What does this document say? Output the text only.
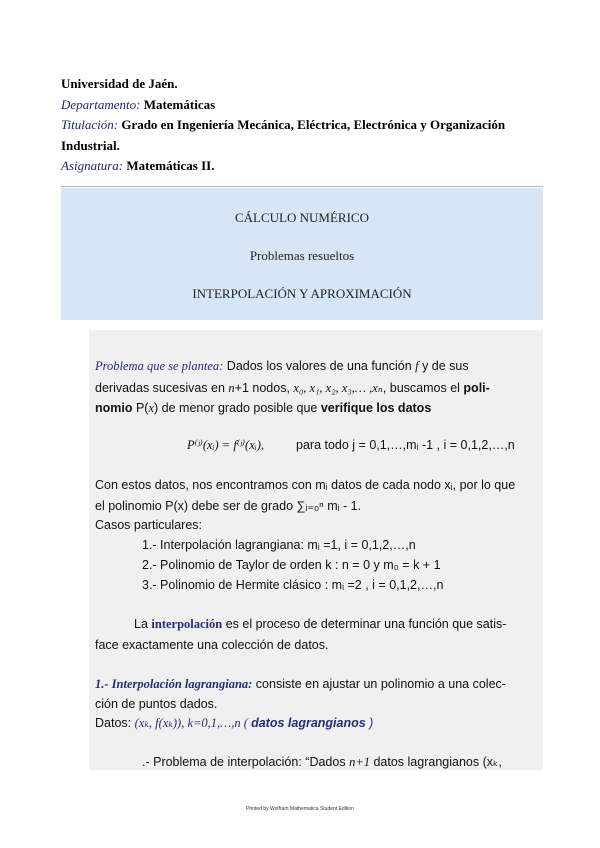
Universidad de Jaén.
Departamento: Matemáticas
Titulación: Grado en Ingeniería Mecánica, Eléctrica, Electrónica y Organización
Industrial.
Asignatura: Matemáticas II.
CÁLCULO NUMÉRICO
Problemas resueltos
INTERPOLACIÓN Y APROXIMACIÓN
Problema que se plantea: Dados los valores de una función f y de sus
derivadas sucesivas en n+1 nodos, x₀, x₁, x₂, x₃,… ,xₙ, buscamos el poli-
nomio P(x) de menor grado posible que verifique los datos
P⁽ʲ⁾(xᵢ) = f⁽ʲ⁾(xᵢ),	para todo j = 0,1,…,mᵢ -1 , i = 0,1,2,…,n
Con estos datos, nos encontramos con mᵢ datos de cada nodo xᵢ, por lo que
el polinomio P(x) debe ser de grado ∑ᵢ₌₀ⁿ mᵢ - 1.
Casos particulares:
1.- Interpolación lagrangiana: mᵢ =1, i = 0,1,2,…,n
2.- Polinomio de Taylor de orden k : n = 0 y m₀ = k + 1
3.- Polinomio de Hermite clásico : mᵢ =2 , i = 0,1,2,…,n
La interpolación es el proceso de determinar una función que satis-
face exactamente una colección de datos.
1.- Interpolación lagrangiana: consiste en ajustar un polinomio a una colec-
ción de puntos dados.
Datos: (xₖ, f(xₖ)), k=0,1,…,n ( datos lagrangianos )
.- Problema de interpolación: “Dados n+1 datos lagrangianos (xₖ,
Printed by Wolfram Mathematica Student Edition
